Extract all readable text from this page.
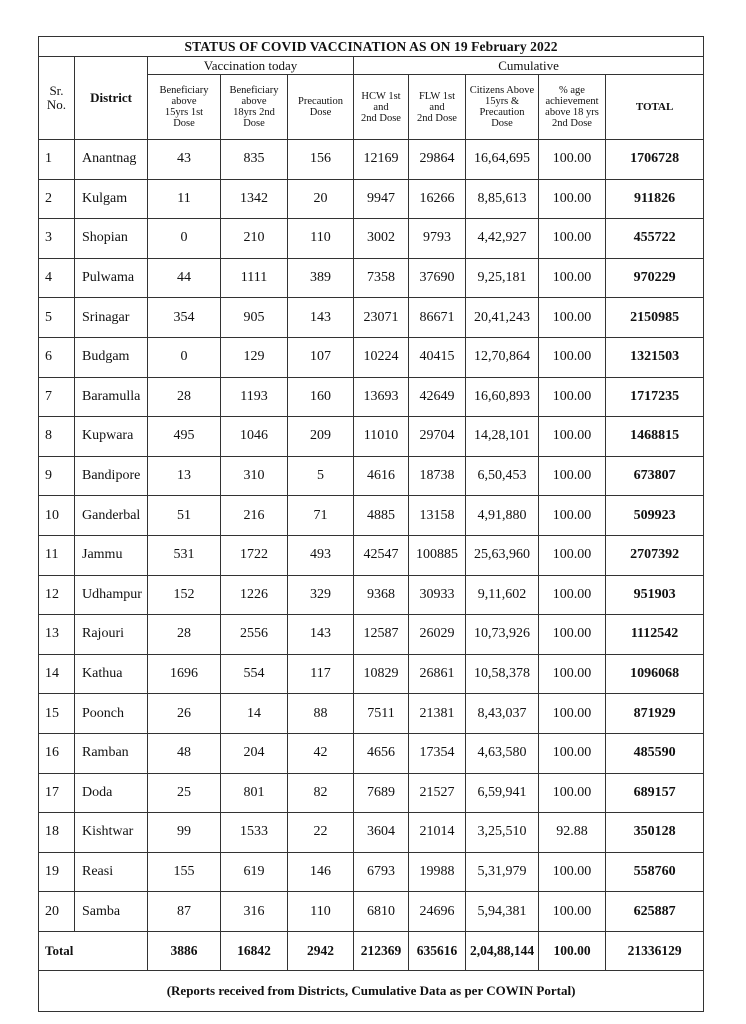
STATUS OF COVID VACCINATION AS ON 19 February 2022									
Sr.
No.	District	Vaccination today			Cumulative				
		Beneficiary
above
15yrs 1st
Dose	Beneficiary
above
18yrs 2nd
Dose	Precaution
Dose	HCW 1st
and
2nd Dose	FLW 1st
and
2nd Dose	Citizens Above
15yrs &
Precaution
Dose	% age
achievement
above 18 yrs
2nd Dose	TOTAL
1	Anantnag	43	835	156	12169	29864	16,64,695	100.00	1706728
2	Kulgam	11	1342	20	9947	16266	8,85,613	100.00	911826
3	Shopian	0	210	110	3002	9793	4,42,927	100.00	455722
4	Pulwama	44	1111	389	7358	37690	9,25,181	100.00	970229
5	Srinagar	354	905	143	23071	86671	20,41,243	100.00	2150985
6	Budgam	0	129	107	10224	40415	12,70,864	100.00	1321503
7	Baramulla	28	1193	160	13693	42649	16,60,893	100.00	1717235
8	Kupwara	495	1046	209	11010	29704	14,28,101	100.00	1468815
9	Bandipore	13	310	5	4616	18738	6,50,453	100.00	673807
10	Ganderbal	51	216	71	4885	13158	4,91,880	100.00	509923
11	Jammu	531	1722	493	42547	100885	25,63,960	100.00	2707392
12	Udhampur	152	1226	329	9368	30933	9,11,602	100.00	951903
13	Rajouri	28	2556	143	12587	26029	10,73,926	100.00	1112542
14	Kathua	1696	554	117	10829	26861	10,58,378	100.00	1096068
15	Poonch	26	14	88	7511	21381	8,43,037	100.00	871929
16	Ramban	48	204	42	4656	17354	4,63,580	100.00	485590
17	Doda	25	801	82	7689	21527	6,59,941	100.00	689157
18	Kishtwar	99	1533	22	3604	21014	3,25,510	92.88	350128
19	Reasi	155	619	146	6793	19988	5,31,979	100.00	558760
20	Samba	87	316	110	6810	24696	5,94,381	100.00	625887
Total		3886	16842	2942	212369	635616	2,04,88,144	100.00	21336129
(Reports received from Districts, Cumulative Data as per COWIN Portal)									
